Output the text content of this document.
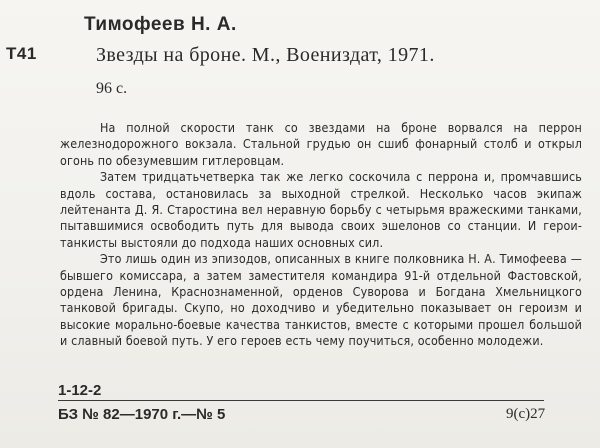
Т41
Тимофеев Н. А.
Звезды на броне. М., Воениздат, 1971.
96 с.

На полной скорости танк со звездами на броне ворвался на перрон железнодорожного вокзала. Стальной грудью он сшиб фонарный столб и открыл огонь по обезумевшим гитлеровцам.

Затем тридцатьчетверка так же легко соскочила с перрона и, промчавшись вдоль состава, остановилась за выходной стрелкой. Несколько часов экипаж лейтенанта Д. Я. Старостина вел неравную борьбу с четырьмя вражескими танками, пытавшимися освободить путь для вывода своих эшелонов со станции. И герои-танкисты выстояли до подхода наших основных сил.

Это лишь один из эпизодов, описанных в книге полковника Н. А. Тимофеева — бывшего комиссара, а затем заместителя командира 91-й отдельной Фастовской, ордена Ленина, Краснознаменной, орденов Суворова и Богдана Хмельницкого танковой бригады. Скупо, но доходчиво и убедительно показывает он героизм и высокие морально-боевые качества танкистов, вместе с которыми прошел большой и славный боевой путь. У его героев есть чему поучиться, особенно молодежи.

1-12-2
БЗ № 82—1970 г.—№ 5	9(с)27
